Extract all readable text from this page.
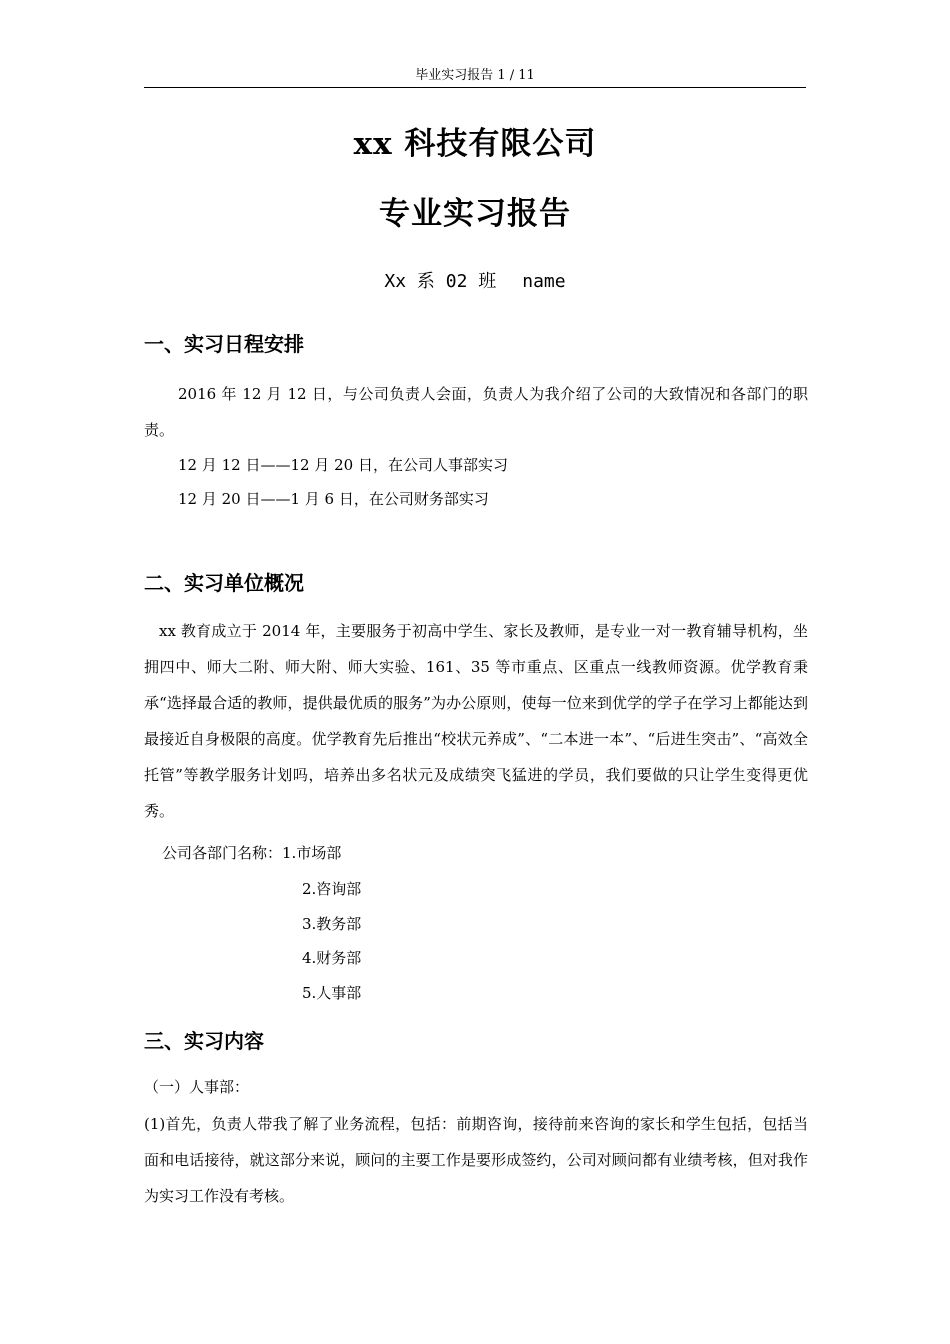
毕业实习报告 1 / 11
xx 科技有限公司
专业实习报告
Xx 系 02 班 name
一、实习日程安排
2016 年 12 月 12 日，与公司负责人会面，负责人为我介绍了公司的大致情况和各部门的职责。
12 月 12 日——12 月 20 日，在公司人事部实习
12 月 20 日——1 月 6 日，在公司财务部实习
二、实习单位概况
xx 教育成立于 2014 年，主要服务于初高中学生、家长及教师，是专业一对一教育辅导机构，坐拥四中、师大二附、师大附、师大实验、161、35 等市重点、区重点一线教师资源。优学教育秉承“选择最合适的教师，提供最优质的服务”为办公原则，使每一位来到优学的学子在学习上都能达到最接近自身极限的高度。优学教育先后推出“校状元养成”、“二本进一本”、“后进生突击”、“高效全托管”等教学服务计划吗，培养出多名状元及成绩突飞猛进的学员，我们要做的只让学生变得更优秀。
公司各部门名称：1.市场部
2.咨询部
3.教务部
4.财务部
5.人事部
三、实习内容
（一）人事部：
(1)首先，负责人带我了解了业务流程，包括：前期咨询，接待前来咨询的家长和学生包括，包括当面和电话接待，就这部分来说，顾问的主要工作是要形成签约，公司对顾问都有业绩考核，但对我作为实习工作没有考核。
